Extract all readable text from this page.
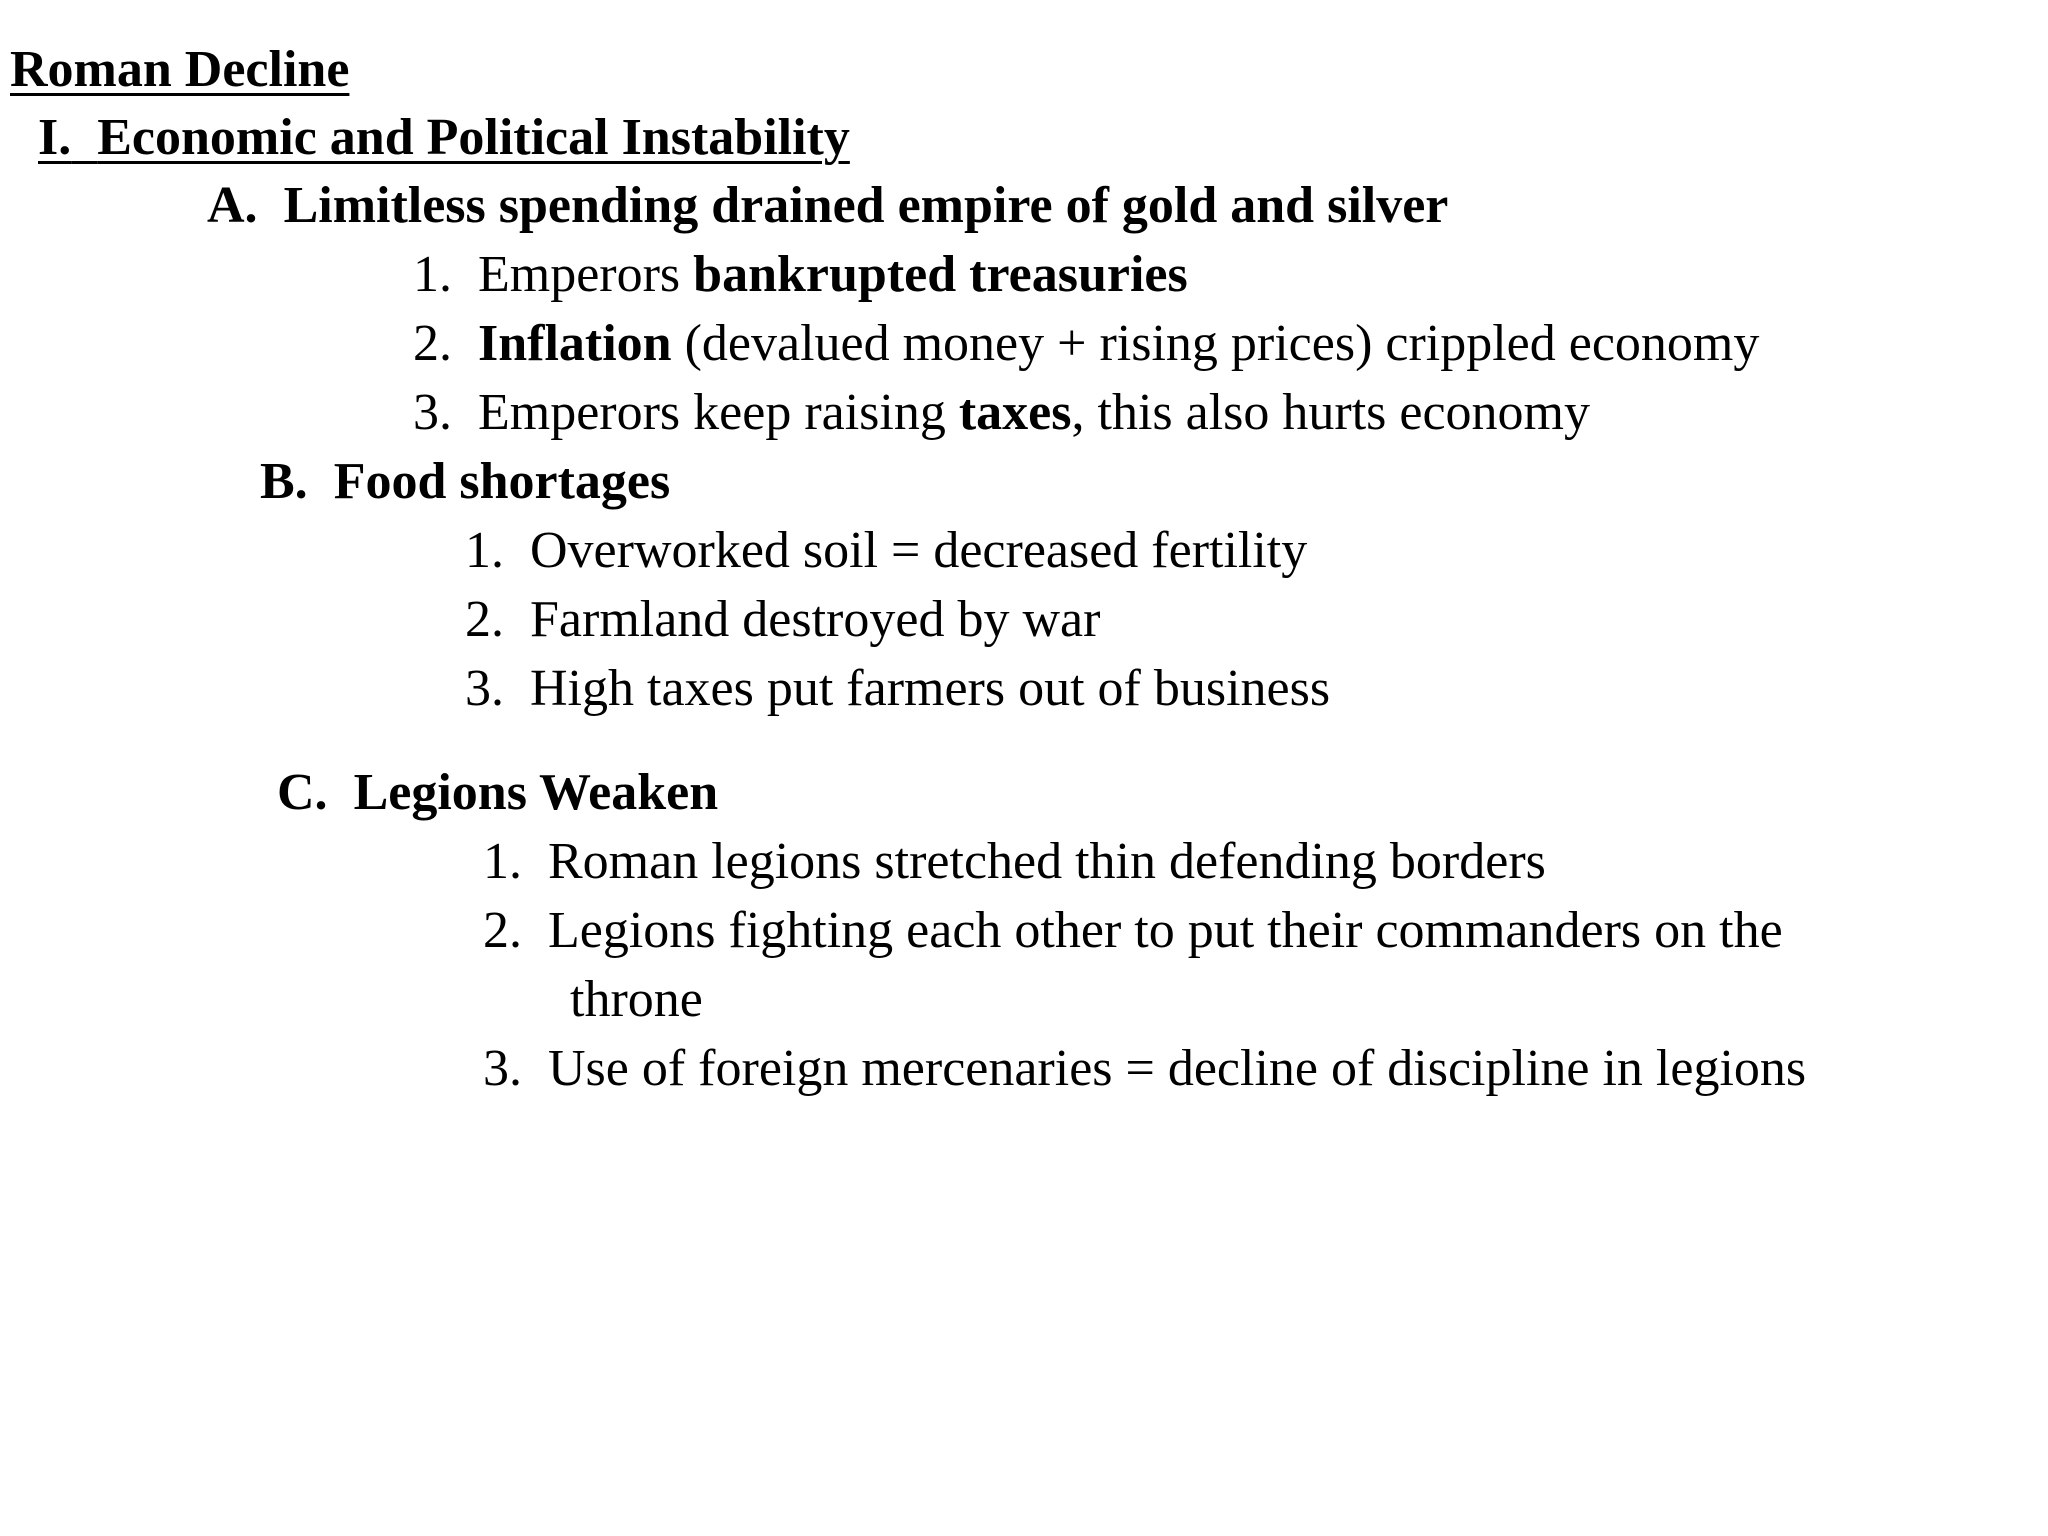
Roman Decline
I. Economic and Political Instability
A. Limitless spending drained empire of gold and silver
1. Emperors bankrupted treasuries
2. Inflation (devalued money + rising prices) crippled economy
3. Emperors keep raising taxes, this also hurts economy
B. Food shortages
1. Overworked soil = decreased fertility
2. Farmland destroyed by war
3. High taxes put farmers out of business
C. Legions Weaken
1. Roman legions stretched thin defending borders
2. Legions fighting each other to put their commanders on the
throne
3. Use of foreign mercenaries = decline of discipline in legions
